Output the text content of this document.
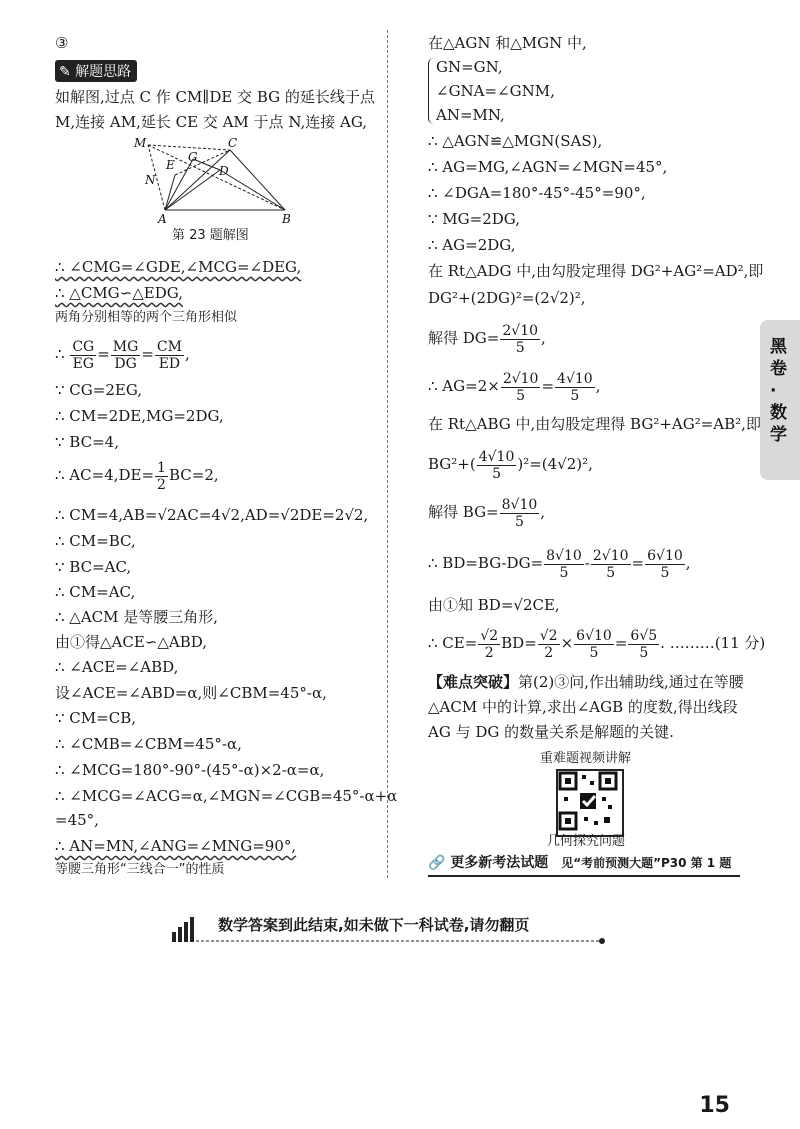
黑卷·数学
③
✎ 解题思路
如解图,过点 C 作 CM∥DE 交 BG 的延长线于点
M,连接 AM,延长 CE 交 AM 于点 N,连接 AG,
M	C
E
G
D
N
A	B
第 23 题解图
∴ ∠CMG=∠GDE,∠MCG=∠DEG,
∴ △CMG∽△EDG,
两角分别相等的两个三角形相似
∴ $\frac{CG}{EG} = \frac{MG}{DG} = \frac{CM}{ED}$ ,
∵ CG=2EG,
∴ CM=2DE,MG=2DG,
∵ BC=4,
∴ $AC=4,DE= \frac{1}{2} BC=2$,
∴ CM=4,AB=√2AC=4√2,AD=√2DE=2√2,
∴ CM=BC,
∵ BC=AC,
∴ CM=AC,
∴ △ACM 是等腰三角形,
由①得△ACE∽△ABD,
∴ ∠ACE=∠ABD,
设∠ACE=∠ABD=α,则∠CBM=45°-α,
∵ CM=CB,
∴ ∠CMB=∠CBM=45°-α,
∴ ∠MCG=180°-90°-(45°-α)×2-α=α,
∴ ∠MCG=∠ACG=α,∠MGN=∠CGB=45°-α+α
=45°,
∴ AN=MN,∠ANG=∠MNG=90°,
等腰三角形“三线合一”的性质
在△AGN 和△MGN 中,
GN=GN,
∠GNA=∠GNM,
AN=MN,
∴ △AGN≌△MGN(SAS),
∴ AG=MG,∠AGN=∠MGN=45°,
∴ ∠DGA=180°-45°-45°=90°,
∵ MG=2DG,
∴ AG=2DG,
在 Rt△ADG 中,由勾股定理得 DG²+AG²=AD²,即
DG²+(2DG)²=(2√2)²,
解得 $DG= \frac{2√10}{5}$ ,
∴ $AG=2\times \frac{2√10}{5} = \frac{4√10}{5}$ ,
在 Rt△ABG 中,由勾股定理得 BG²+AG²=AB²,即
$BG^2+( \frac{4√10}{5} )^2=(4√2)^2$,
解得 $BG= \frac{8√10}{5}$ ,
∴ $BD=BG-DG= \frac{8√10}{5} - \frac{2√10}{5} = \frac{6√10}{5}$ ,
由①知 BD=√2CE,
∴ $CE= \frac{√2}{2} BD= \frac{√2}{2} \times \frac{6√10}{5} = \frac{6√5}{5}$ . ………(11 分)
【难点突破】第(2)③问,作出辅助线,通过在等腰
△ACM 中的计算,求出∠AGB 的度数,得出线段
AG 与 DG 的数量关系是解题的关键.
重难题视频讲解
几何探究问题
🔗 更多新考法试题 见“考前预测大题”P30 第 1 题
数学答案到此结束,如未做下一科试卷,请勿翻页
15
